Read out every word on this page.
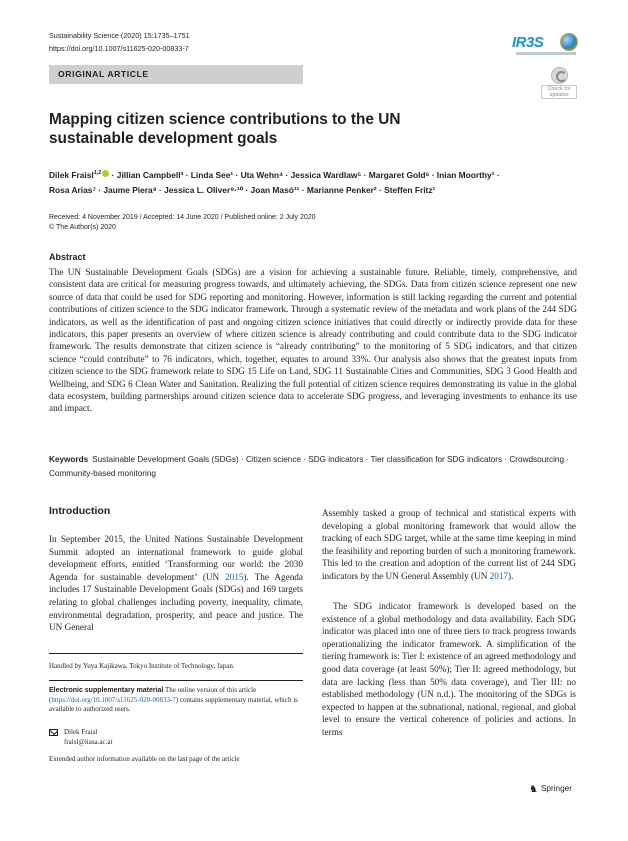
Sustainability Science (2020) 15:1735–1751
https://doi.org/10.1007/s11625-020-00833-7	IR3S
ORIGINAL ARTICLE
Check for updates
Mapping citizen science contributions to the UN sustainable development goals
Dilek Fraisl$^{1,2}$ · Jillian Campbell³ · Linda See¹ · Uta Wehn⁴ · Jessica Wardlaw⁵ · Margaret Gold⁶ · Inian Moorthy¹ ·
Rosa Arias⁷ · Jaume Piera⁸ · Jessica L. Oliver⁹·¹⁰ · Joan Masó¹¹ · Marianne Penker² · Steffen Fritz¹
Received: 4 November 2019 / Accepted: 14 June 2020 / Published online: 2 July 2020
© The Author(s) 2020
Abstract

The UN Sustainable Development Goals (SDGs) are a vision for achieving a sustainable future. Reliable, timely, comprehensive, and consistent data are critical for measuring progress towards, and ultimately achieving, the SDGs. Data from citizen science represent one new source of data that could be used for SDG reporting and monitoring. However, information is still lacking regarding the current and potential contributions of citizen science to the SDG indicator framework. Through a systematic review of the metadata and work plans of the 244 SDG indicators, as well as the identification of past and ongoing citizen science initiatives that could directly or indirectly provide data for these indicators, this paper presents an overview of where citizen science is already contributing and could contribute data to the SDG indicator framework. The results demonstrate that citizen science is “already contributing” to the monitoring of 5 SDG indicators, and that citizen science “could contribute” to 76 indicators, which, together, equates to around 33%. Our analysis also shows that the greatest inputs from citizen science to the SDG framework relate to SDG 15 Life on Land, SDG 11 Sustainable Cities and Communities, SDG 3 Good Health and Wellbeing, and SDG 6 Clean Water and Sanitation. Realizing the full potential of citizen science requires demonstrating its value in the global data ecosystem, building partnerships around citizen science data to accelerate SDG progress, and leveraging investments to enhance its use and impact.

Keywords Sustainable Development Goals (SDGs) · Citizen science · SDG indicators · Tier classification for SDG indicators · Crowdsourcing · Community-based monitoring
Introduction

In September 2015, the United Nations Sustainable Development Summit adopted an international framework to guide global development efforts, entitled ‘Transforming our world: the 2030 Agenda for sustainable development’ (UN 2015). The Agenda includes 17 Sustainable Development Goals (SDGs) and 169 targets relating to global challenges including poverty, inequality, climate, environmental degradation, prosperity, and peace and justice. The UN General

Assembly tasked a group of technical and statistical experts with developing a global monitoring framework that would allow the tracking of each SDG target, while at the same time keeping in mind the feasibility and reporting burden of such a monitoring framework. This led to the creation and adoption of the current list of 244 SDG indicators by the UN General Assembly (UN 2017).

The SDG indicator framework is developed based on the existence of a global methodology and data availability. Each SDG indicator was placed into one of three tiers to track progress towards operationalizing the indicator framework. A simplification of the tiering framework is: Tier I: existence of an agreed methodology and good data coverage (at least 50%); Tier II: agreed methodology, but data are lacking (less than 50% data coverage), and Tier III: no established methodology (UN n.d.). The monitoring of the SDGs is expected to happen at the subnational, national, regional, and global level to ensure the vertical coherence of policies and actions. In terms

Handled by Yuya Kajikawa, Tokyo Institute of Technology, Japan.
Electronic supplementary material The online version of this article (https://doi.org/10.1007/s11625-020-00833-7) contains supplementary material, which is available to authorized users.
Dilek Fraisl
fraisl@iiasa.ac.at
Extended author information available on the last page of the article
♞ Springer
